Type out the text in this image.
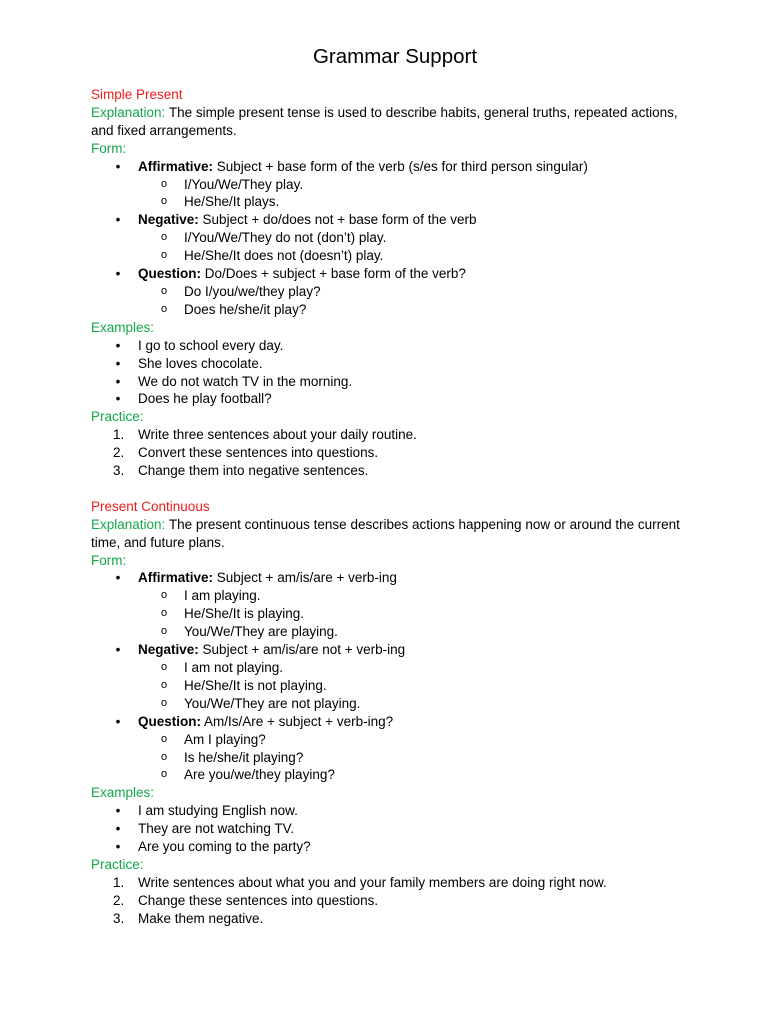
Grammar Support
Simple Present
Explanation: The simple present tense is used to describe habits, general truths, repeated actions, and fixed arrangements.
Form:
• Affirmative: Subject + base form of the verb (s/es for third person singular)
o I/You/We/They play.
o He/She/It plays.
• Negative: Subject + do/does not + base form of the verb
o I/You/We/They do not (don’t) play.
o He/She/It does not (doesn’t) play.
• Question: Do/Does + subject + base form of the verb?
o Do I/you/we/they play?
o Does he/she/it play?
Examples:
• I go to school every day.
• She loves chocolate.
• We do not watch TV in the morning.
• Does he play football?
Practice:
1. Write three sentences about your daily routine.
2. Convert these sentences into questions.
3. Change them into negative sentences.
Present Continuous
Explanation: The present continuous tense describes actions happening now or around the current time, and future plans.
Form:
• Affirmative: Subject + am/is/are + verb-ing
o I am playing.
o He/She/It is playing.
o You/We/They are playing.
• Negative: Subject + am/is/are not + verb-ing
o I am not playing.
o He/She/It is not playing.
o You/We/They are not playing.
• Question: Am/Is/Are + subject + verb-ing?
o Am I playing?
o Is he/she/it playing?
o Are you/we/they playing?
Examples:
• I am studying English now.
• They are not watching TV.
• Are you coming to the party?
Practice:
1. Write sentences about what you and your family members are doing right now.
2. Change these sentences into questions.
3. Make them negative.
